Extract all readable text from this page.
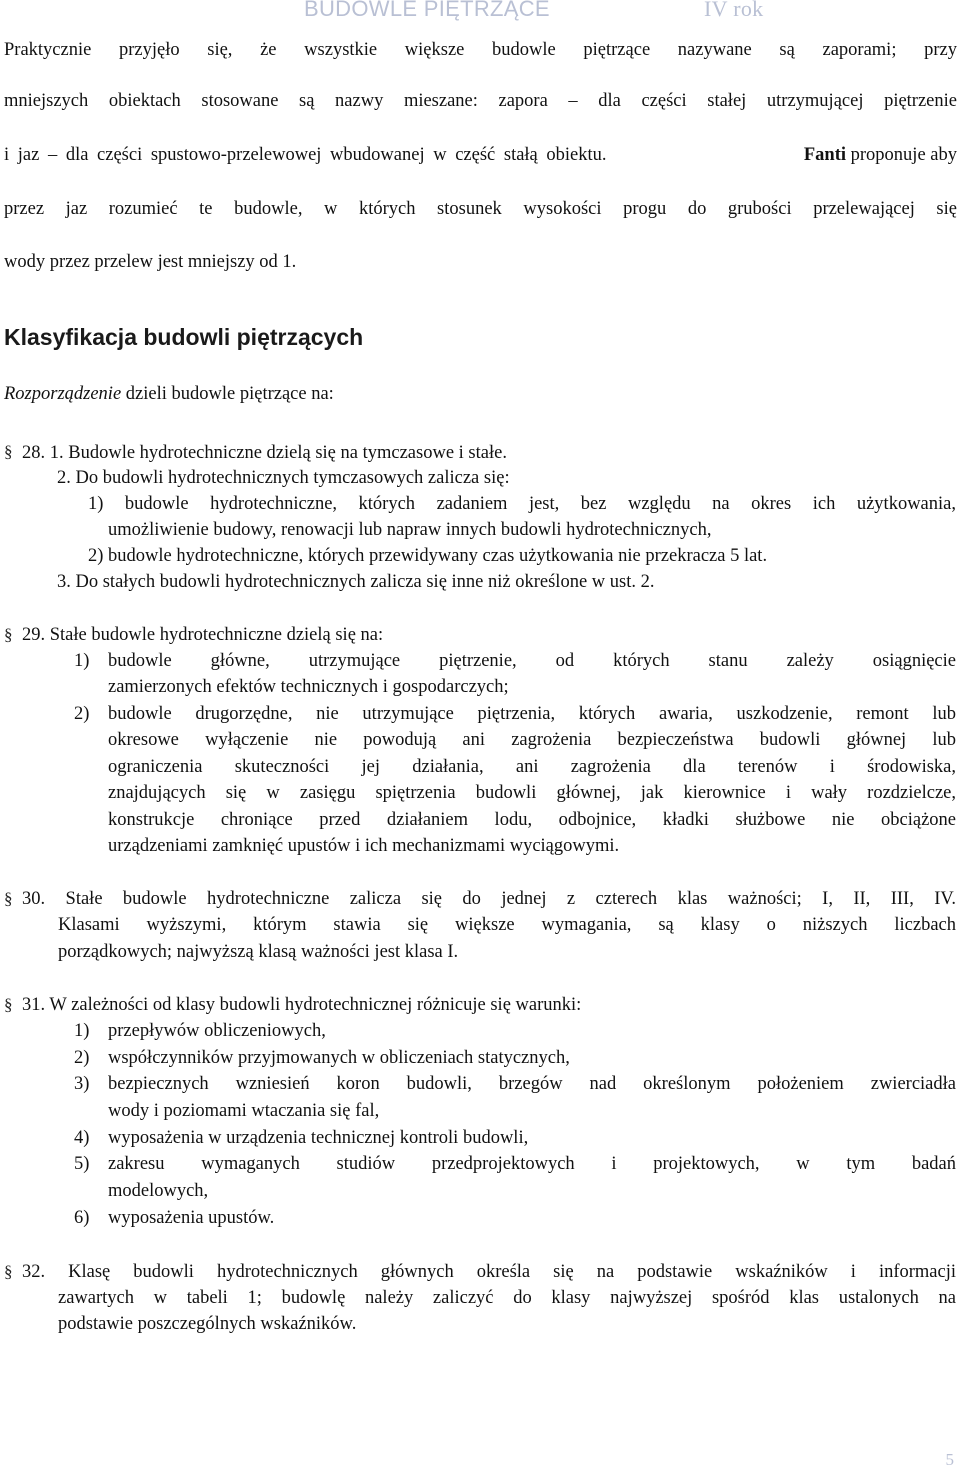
BUDOWLE PIĘTRZĄCE	IV rok
Praktycznie przyjęło się, że wszystkie większe budowle piętrzące nazywane są zaporami; przy
mniejszych obiektach stosowane są nazwy mieszane: zapora – dla części stałej utrzymującej piętrzenie
i jaz – dla części spustowo-przelewowej wbudowanej w część stałą obiektu.	Fanti proponuje aby
przez jaz rozumieć te budowle, w których stosunek wysokości progu do grubości przelewającej się
wody przez przelew jest mniejszy od 1.
Klasyfikacja budowli piętrzących
Rozporządzenie dzieli budowle piętrzące na:
§ 28. 1. Budowle hydrotechniczne dzielą się na tymczasowe i stałe.
2. Do budowli hydrotechnicznych tymczasowych zalicza się:
1) budowle hydrotechniczne, których zadaniem jest, bez względu na okres ich użytkowania,
umożliwienie budowy, renowacji lub napraw innych budowli hydrotechnicznych,
2) budowle hydrotechniczne, których przewidywany czas użytkowania nie przekracza 5 lat.
3. Do stałych budowli hydrotechnicznych zalicza się inne niż określone w ust. 2.
§ 29. Stałe budowle hydrotechniczne dzielą się na:
1) budowle główne, utrzymujące piętrzenie, od których stanu zależy osiągnięcie
zamierzonych efektów technicznych i gospodarczych;
2) budowle drugorzędne, nie utrzymujące piętrzenia, których awaria, uszkodzenie, remont lub
okresowe wyłączenie nie powodują ani zagrożenia bezpieczeństwa budowli głównej lub
ograniczenia skuteczności jej działania, ani zagrożenia dla terenów i środowiska,
znajdujących się w zasięgu spiętrzenia budowli głównej, jak kierownice i wały rozdzielcze,
konstrukcje chroniące przed działaniem lodu, odbojnice, kładki służbowe nie obciążone
urządzeniami zamknięć upustów i ich mechanizmami wyciągowymi.
§ 30. Stałe budowle hydrotechniczne zalicza się do jednej z czterech klas ważności; I, II, III, IV.
Klasami wyższymi, którym stawia się większe wymagania, są klasy o niższych liczbach
porządkowych; najwyższą klasą ważności jest klasa I.
§ 31. W zależności od klasy budowli hydrotechnicznej różnicuje się warunki:
1) przepływów obliczeniowych,
2) współczynników przyjmowanych w obliczeniach statycznych,
3) bezpiecznych wzniesień koron budowli, brzegów nad określonym położeniem zwierciadła
wody i poziomami wtaczania się fal,
4) wyposażenia w urządzenia technicznej kontroli budowli,
5) zakresu wymaganych studiów przedprojektowych i projektowych, w tym badań
modelowych,
6) wyposażenia upustów.
§ 32. Klasę budowli hydrotechnicznych głównych określa się na podstawie wskaźników i informacji
zawartych w tabeli 1; budowlę należy zaliczyć do klasy najwyższej spośród klas ustalonych na
podstawie poszczególnych wskaźników.
5
